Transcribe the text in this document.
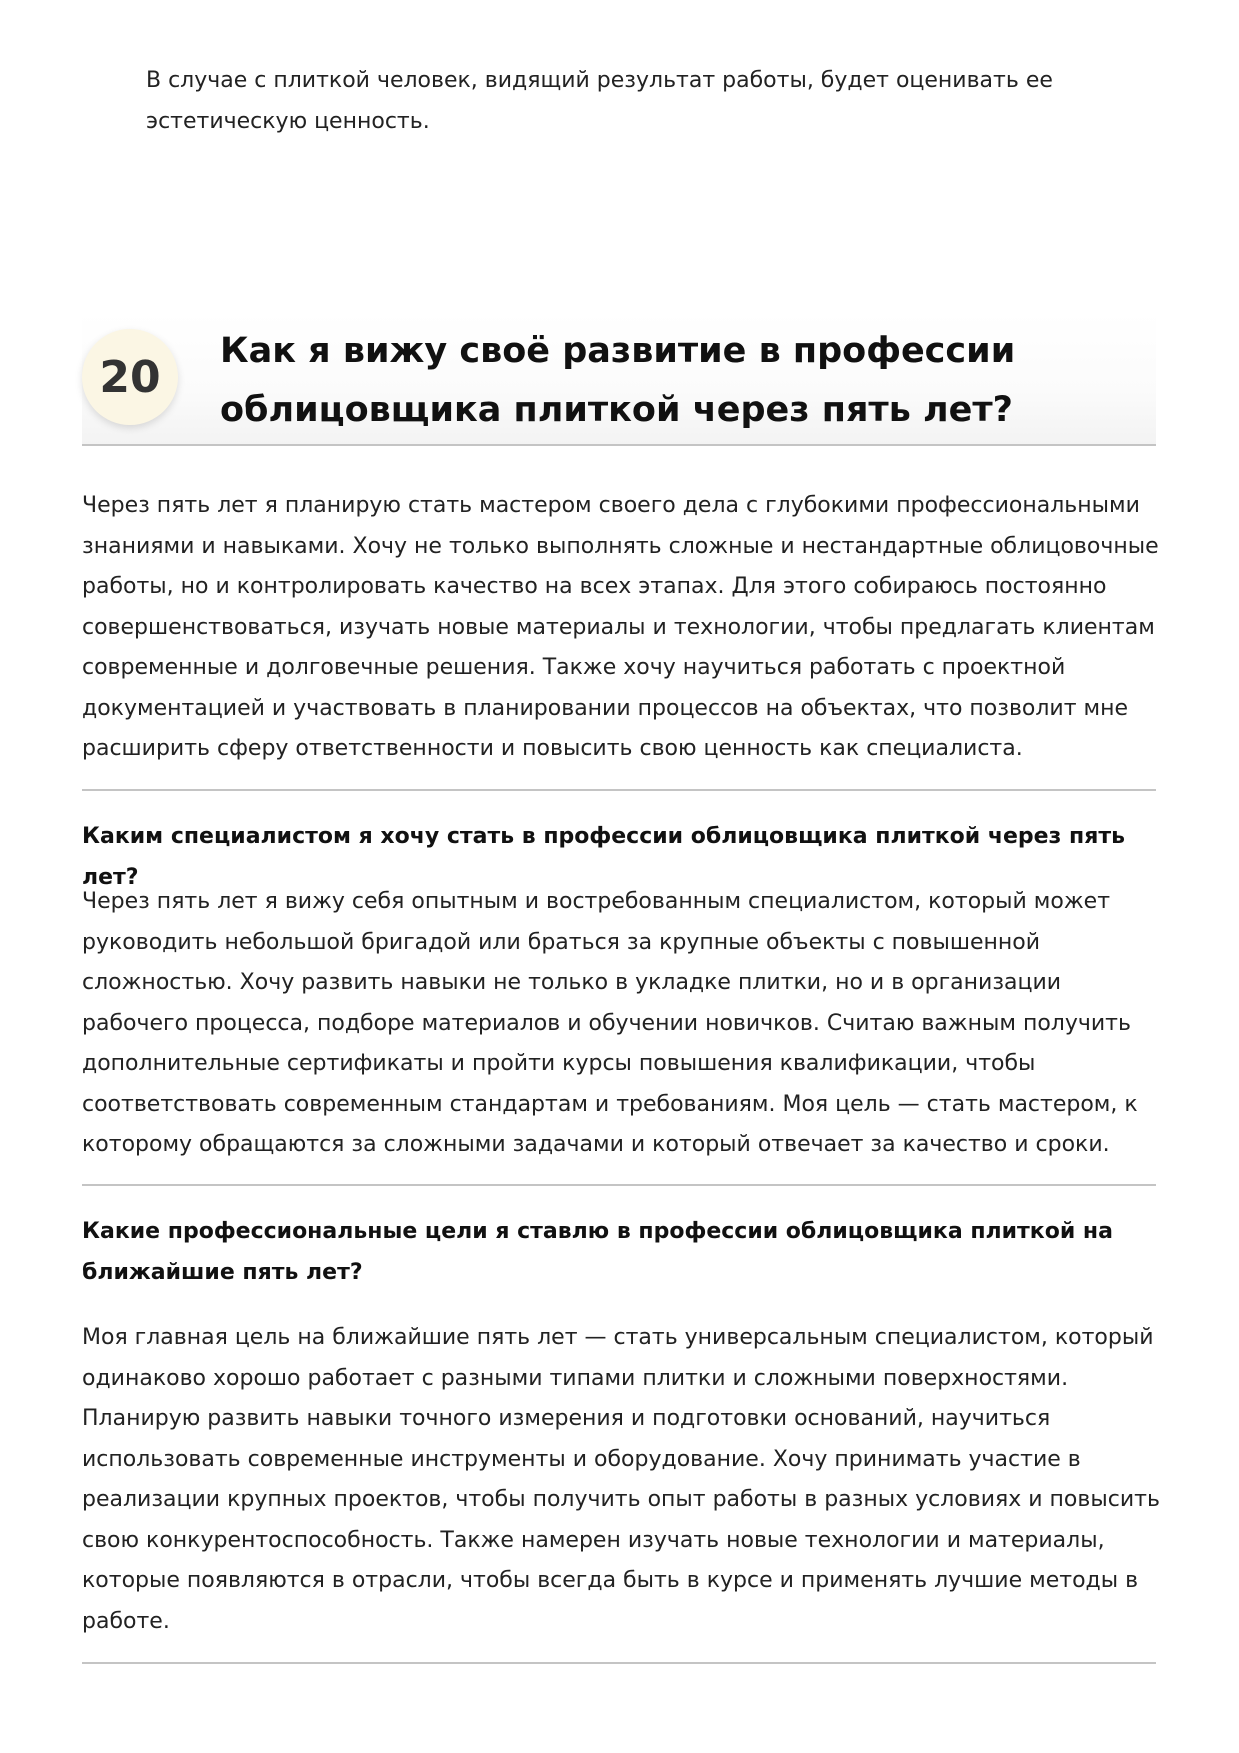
В случае с плиткой человек, видящий результат работы, будет оценивать ее эстетическую ценность.

20
Как я вижу своё развитие в профессии облицовщика плиткой через пять лет?

Через пять лет я планирую стать мастером своего дела с глубокими профессиональными знаниями и навыками. Хочу не только выполнять сложные и нестандартные облицовочные работы, но и контролировать качество на всех этапах. Для этого собираюсь постоянно совершенствоваться, изучать новые материалы и технологии, чтобы предлагать клиентам современные и долговечные решения. Также хочу научиться работать с проектной документацией и участвовать в планировании процессов на объектах, что позволит мне расширить сферу ответственности и повысить свою ценность как специалиста.

Каким специалистом я хочу стать в профессии облицовщика плиткой через пять лет?

Через пять лет я вижу себя опытным и востребованным специалистом, который может руководить небольшой бригадой или браться за крупные объекты с повышенной сложностью. Хочу развить навыки не только в укладке плитки, но и в организации рабочего процесса, подборе материалов и обучении новичков. Считаю важным получить дополнительные сертификаты и пройти курсы повышения квалификации, чтобы соответствовать современным стандартам и требованиям. Моя цель — стать мастером, к которому обращаются за сложными задачами и который отвечает за качество и сроки.

Какие профессиональные цели я ставлю в профессии облицовщика плиткой на ближайшие пять лет?

Моя главная цель на ближайшие пять лет — стать универсальным специалистом, который одинаково хорошо работает с разными типами плитки и сложными поверхностями. Планирую развить навыки точного измерения и подготовки оснований, научиться использовать современные инструменты и оборудование. Хочу принимать участие в реализации крупных проектов, чтобы получить опыт работы в разных условиях и повысить свою конкурентоспособность. Также намерен изучать новые технологии и материалы, которые появляются в отрасли, чтобы всегда быть в курсе и применять лучшие методы в работе.
